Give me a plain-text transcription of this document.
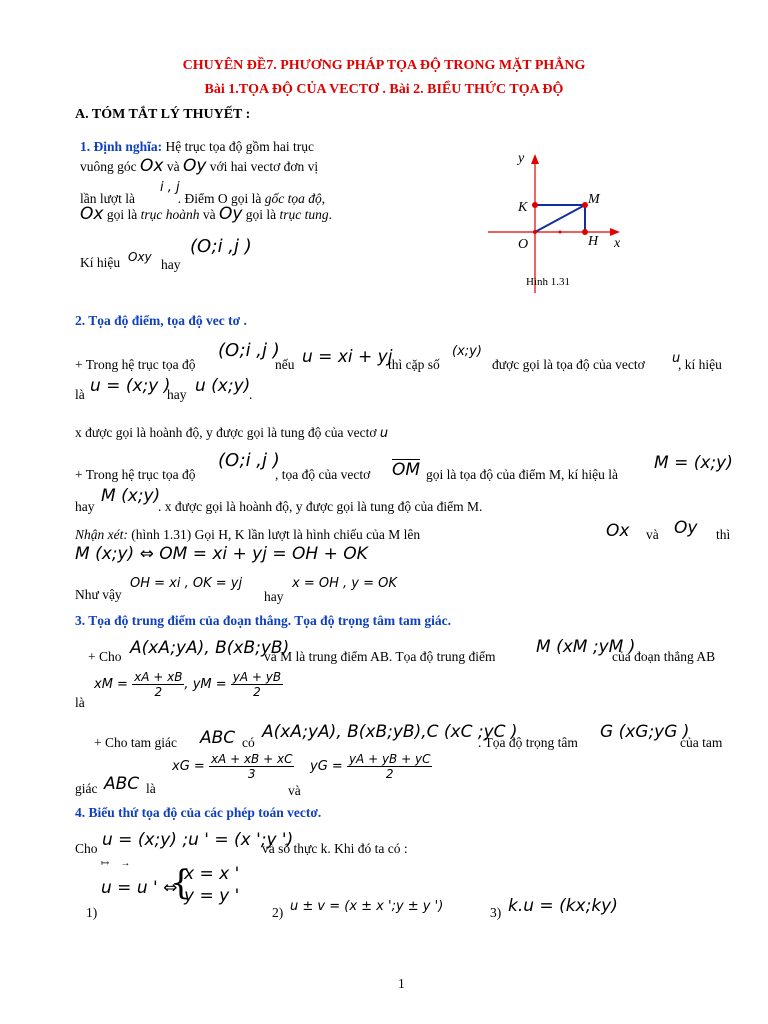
CHUYÊN ĐỀ7. PHƯƠNG PHÁP TỌA ĐỘ TRONG MẶT PHẲNG
Bài 1.TỌA ĐỘ CỦA VECTƠ . Bài 2. BIỂU THỨC TỌA ĐỘ
A. TÓM TẮT LÝ THUYẾT :
1. Định nghĩa: Hệ trục tọa độ gồm hai trục
vuông góc Ox và Oy với hai vectơ đơn vị
i , j
lần lượt là	. Điểm O gọi là gốc tọa độ,
Ox gọi là trục hoành và Oy gọi là trục tung.
Kí hiệu Oxy hay
(O;i ,j )
y
x
K
M
O	H
Hình 1.31
2. Tọa độ điểm, tọa độ vec tơ .
(O;i ,j ) u = xi + yj	(x;y)	u
+ Trong hệ trục tọa độ	nếu	thì cặp số	được gọi là tọa độ của vectơ , kí hiệu
là u = (x;y )
hay u (x;y)
.
x được gọi là hoành độ, y được gọi là tung độ của vectơ u
(O;i ,j )
+ Trong hệ trục tọa độ	, tọa độ của vectơ $\overline{OM}$ gọi là tọa độ của điểm M, kí hiệu là
M = (x;y)
hay
M (x;y)
. x được gọi là hoành độ, y được gọi là tung độ của điểm M.
Nhận xét: (hình 1.31) Gọi H, K lần lượt là hình chiếu của M lên	Ox và Oy thì
M (x;y) ⇔ OM = xi + yj = OH + OK
Như vậy
OH = xi , OK = yj
hay
x = OH , y = OK
3. Tọa độ trung điểm của đoạn thẳng. Tọa độ trọng tâm tam giác.
+ Cho A(xA;yA), B(xB;yB)
và M là trung điểm AB. Tọa độ trung điểm M (xM ;yM )
của đoạn thẳng AB
là
xM = $\frac{xA + xB}{2}$ , yM = $\frac{yA + yB}{2}$
+ Cho tam giác ABC có
A(xA;yA), B(xB;yB),C (xC ;yC )
. Tọa độ trọng tâm
G (xG;yG )
của tam
giác ABC là
xG = $\frac{xA + xB + xC}{3}$
và
yG = $\frac{yA + yB + yC}{2}$
4. Biểu thứ tọa độ của các phép toán vectơ.
Cho u = (x;y) ;u ' = (x ';y ')
và số thực k. Khi đó ta có :
↦  →
u = u ' ⇔
{
x = x '
y = y '
1)	2) u ± v = (x ± x ';y ± y ')	3) k.u = (kx;ky)
1
